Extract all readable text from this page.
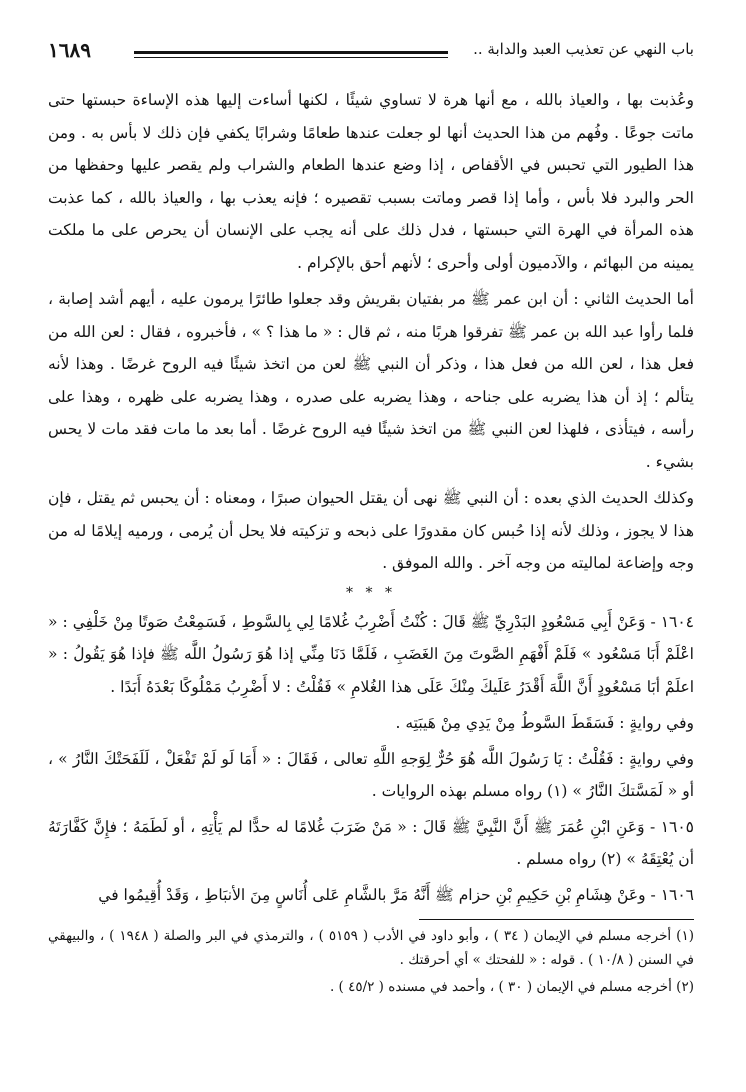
باب النهي عن تعذيب العبد والدابة ..
١٦٨٩

وعُذبت بها ، والعياذ بالله ، مع أنها هرة لا تساوي شيئًا ، لكنها أساءت إليها هذه الإساءة حبستها حتى ماتت جوعًا . وفُهم من هذا الحديث أنها لو جعلت عندها طعامًا وشرابًا يكفي فإن ذلك لا بأس به . ومن هذا الطيور التي تحبس في الأقفاص ، إذا وضع عندها الطعام والشراب ولم يقصر عليها وحفظها من الحر والبرد فلا بأس ، وأما إذا قصر وماتت بسبب تقصيره ؛ فإنه يعذب بها ، والعياذ بالله ، كما عذبت هذه المرأة في الهرة التي حبستها ، فدل ذلك على أنه يجب على الإنسان أن يحرص على ما ملكت يمينه من البهائم ، والآدميون أولى وأحرى ؛ لأنهم أحق بالإكرام .

أما الحديث الثاني : أن ابن عمر ﷺ مر بفتيان بقريش وقد جعلوا طائرًا يرمون عليه ، أيهم أشد إصابة ، فلما رأوا عبد الله بن عمر ﷺ تفرقوا هربًا منه ، ثم قال : « ما هذا ؟ » ، فأخبروه ، فقال : لعن الله من فعل هذا ، لعن الله من فعل هذا ، وذكر أن النبي ﷺ لعن من اتخذ شيئًا فيه الروح غرضًا . وهذا لأنه يتألم ؛ إذ أن هذا يضربه على جناحه ، وهذا يضربه على صدره ، وهذا يضربه على ظهره ، وهذا على رأسه ، فيتأذى ، فلهذا لعن النبي ﷺ من اتخذ شيئًا فيه الروح غرضًا . أما بعد ما مات فقد مات لا يحس بشيء .

وكذلك الحديث الذي بعده : أن النبي ﷺ نهى أن يقتل الحيوان صبرًا ، ومعناه : أن يحبس ثم يقتل ، فإن هذا لا يجوز ، وذلك لأنه إذا حُبس كان مقدورًا على ذبحه و تزكيته فلا يحل أن يُرمى ، ورميه إيلامًا له من وجه وإضاعة لماليته من وجه آخر . والله الموفق .

* * *

١٦٠٤ - وَعَنْ أَبِي مَسْعُودٍ البَدْرِيِّ ﷺ قَالَ : كُنْتُ أَضْرِبُ غُلامًا لِي بِالسَّوطِ ، فَسَمِعْتُ صَوتًا مِنْ خَلْفِي : « اعْلَمْ أَبَا مَسْعُود » فَلَمْ أَفْهَمِ الصَّوتَ مِنَ الغَضَبِ ، فَلَمَّا دَنَا مِنِّي إذا هُوَ رَسُولُ اللَّه ﷺ فإذا هُوَ يَقُولُ : « اعلَمْ أبَا مَسْعُودٍ أَنَّ اللَّهَ أَقْدَرُ عَلَيكَ مِنْكَ عَلَى هذا الغُلامِ » فَقُلْتُ : لا أَضْرِبُ مَمْلُوكًا بَعْدَهُ أَبَدًا .

وفي روايةٍ : فَسَقَطَ السَّوطُ مِنْ يَدِي مِنْ هَيبَتِه .

وفي روايةٍ : فَقُلْتُ : يَا رَسُولَ اللَّه هُوَ حُرٌّ لِوَجهِ اللَّهِ تعالى ، فَقَالَ : « أَمَا لَو لَمْ تَفْعَلْ ، لَلَفَحَتْكَ النَّارُ » ، أو « لَمَسَّتكَ النَّارُ » (١) رواه مسلم بهذه الروايات .

١٦٠٥ - وَعَنِ ابْنِ عُمَرَ ﷺ أَنَّ النَّبِيَّ ﷺ قَالَ : « مَنْ ضَرَبَ غُلامًا له حدًّا لم يَأْتِهِ ، أو لَطَمَهُ ؛ فإِنَّ كَفَّارَتَهُ أن يُعْتِقَهُ » (٢) رواه مسلم .

١٦٠٦ - وعَنْ هِشَامِ بْنِ حَكِيمِ بْنِ حزام ﷺ أَنَّهُ مَرَّ بالشَّامِ عَلى أُنَاسٍ مِنَ الأنبَاطِ ، وَقَدْ أُقِيمُوا في

(١) أخرجه مسلم في الإيمان ( ٣٤ ) ، وأبو داود في الأدب ( ٥١٥٩ ) ، والترمذي في البر والصلة ( ١٩٤٨ ) ، والبيهقي في السنن ( ١٠/٨ ) . قوله : « للفحتك » أي أحرقتك .

(٢) أخرجه مسلم في الإيمان ( ٣٠ ) ، وأحمد في مسنده ( ٤٥/٢ ) .
